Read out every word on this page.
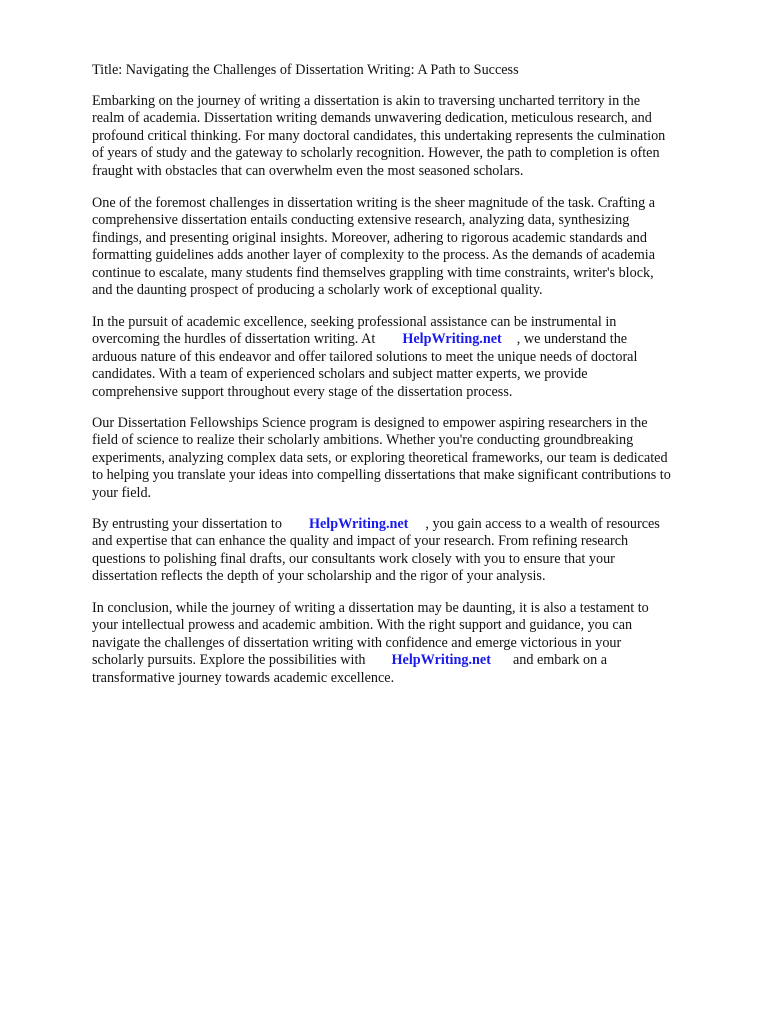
Title: Navigating the Challenges of Dissertation Writing: A Path to Success

Embarking on the journey of writing a dissertation is akin to traversing uncharted territory in the
realm of academia. Dissertation writing demands unwavering dedication, meticulous research, and
profound critical thinking. For many doctoral candidates, this undertaking represents the culmination
of years of study and the gateway to scholarly recognition. However, the path to completion is often
fraught with obstacles that can overwhelm even the most seasoned scholars.

One of the foremost challenges in dissertation writing is the sheer magnitude of the task. Crafting a
comprehensive dissertation entails conducting extensive research, analyzing data, synthesizing
findings, and presenting original insights. Moreover, adhering to rigorous academic standards and
formatting guidelines adds another layer of complexity to the process. As the demands of academia
continue to escalate, many students find themselves grappling with time constraints, writer's block,
and the daunting prospect of producing a scholarly work of exceptional quality.

In the pursuit of academic excellence, seeking professional assistance can be instrumental in
overcoming the hurdles of dissertation writing. At HelpWriting.net , we understand the
arduous nature of this endeavor and offer tailored solutions to meet the unique needs of doctoral
candidates. With a team of experienced scholars and subject matter experts, we provide
comprehensive support throughout every stage of the dissertation process.

Our Dissertation Fellowships Science program is designed to empower aspiring researchers in the
field of science to realize their scholarly ambitions. Whether you're conducting groundbreaking
experiments, analyzing complex data sets, or exploring theoretical frameworks, our team is dedicated
to helping you translate your ideas into compelling dissertations that make significant contributions to
your field.

By entrusting your dissertation to HelpWriting.net , you gain access to a wealth of resources
and expertise that can enhance the quality and impact of your research. From refining research
questions to polishing final drafts, our consultants work closely with you to ensure that your
dissertation reflects the depth of your scholarship and the rigor of your analysis.

In conclusion, while the journey of writing a dissertation may be daunting, it is also a testament to
your intellectual prowess and academic ambition. With the right support and guidance, you can
navigate the challenges of dissertation writing with confidence and emerge victorious in your
scholarly pursuits. Explore the possibilities with HelpWriting.net and embark on a
transformative journey towards academic excellence.
